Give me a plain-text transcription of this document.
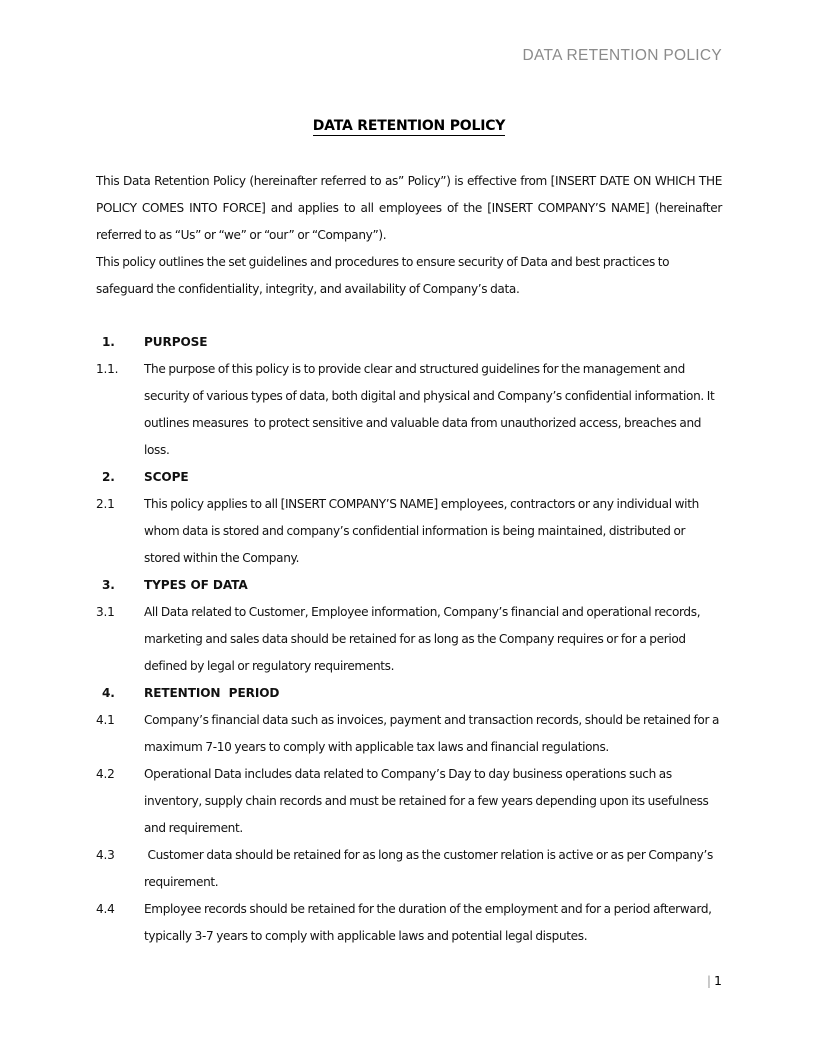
DATA RETENTION POLICY
DATA RETENTION POLICY

This Data Retention Policy (hereinafter referred to as” Policy”) is effective from [INSERT DATE ON WHICH THE POLICY COMES INTO FORCE] and applies to all employees of the [INSERT COMPANY’S NAME] (hereinafter referred to as “Us” or “we” or “our” or “Company”).

This policy outlines the set guidelines and procedures to ensure security of Data and best practices to safeguard the confidentiality, integrity, and availability of Company’s data.

1.	PURPOSE
1.1.	The purpose of this policy is to provide clear and structured guidelines for the management and security of various types of data, both digital and physical and Company’s confidential information. It outlines measures  to protect sensitive and valuable data from unauthorized access, breaches and loss.
2.	SCOPE
2.1	This policy applies to all [INSERT COMPANY’S NAME] employees, contractors or any individual with whom data is stored and company’s confidential information is being maintained, distributed or stored within the Company.
3.	TYPES OF DATA
3.1	All Data related to Customer, Employee information, Company’s financial and operational records, marketing and sales data should be retained for as long as the Company requires or for a period defined by legal or regulatory requirements.
4.	RETENTION  PERIOD
4.1	Company’s financial data such as invoices, payment and transaction records, should be retained for a maximum 7-10 years to comply with applicable tax laws and financial regulations.
4.2	Operational Data includes data related to Company’s Day to day business operations such as inventory, supply chain records and must be retained for a few years depending upon its usefulness and requirement.
4.3	Customer data should be retained for as long as the customer relation is active or as per Company’s requirement.
4.4	Employee records should be retained for the duration of the employment and for a period afterward, typically 3-7 years to comply with applicable laws and potential legal disputes.
| 1
